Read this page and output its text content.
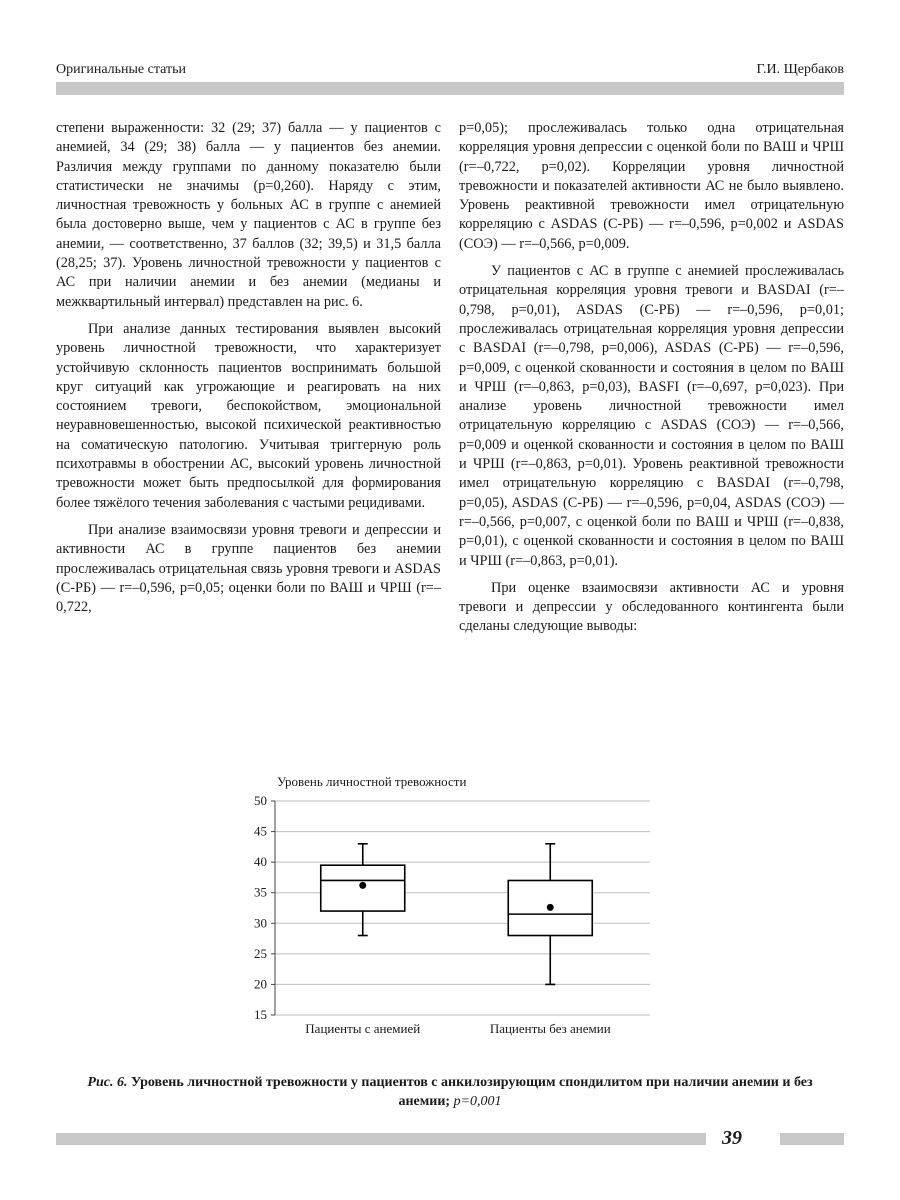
Оригинальные статьи	Г.И. Щербаков

степени выраженности: 32 (29; 37) балла — у пациентов с анемией, 34 (29; 38) балла — у пациентов без анемии. Различия между группами по данному показателю были статистически не значимы (p=0,260). Наряду с этим, личностная тревожность у больных АС в группе с анемией была достоверно выше, чем у пациентов с АС в группе без анемии, — соответственно, 37 баллов (32; 39,5) и 31,5 балла (28,25; 37). Уровень личностной тревожности у пациентов с АС при наличии анемии и без анемии (медианы и межквартильный интервал) представлен на рис. 6.

При анализе данных тестирования выявлен высокий уровень личностной тревожности, что характеризует устойчивую склонность пациентов воспринимать большой круг ситуаций как угрожающие и реагировать на них состоянием тревоги, беспокойством, эмоциональной неуравновешенностью, высокой психической реактивностью на соматическую патологию. Учитывая триггерную роль психотравмы в обострении АС, высокий уровень личностной тревожности может быть предпосылкой для формирования более тяжёлого течения заболевания с частыми рецидивами.

При анализе взаимосвязи уровня тревоги и депрессии и активности АС в группе пациентов без анемии прослеживалась отрицательная связь уровня тревоги и ASDAS (С-РБ) — r=–0,596, p=0,05; оценки боли по ВАШ и ЧРШ (r=–0,722,

p=0,05); прослеживалась только одна отрицательная корреляция уровня депрессии с оценкой боли по ВАШ и ЧРШ (r=–0,722, p=0,02). Корреляции уровня личностной тревожности и показателей активности АС не было выявлено. Уровень реактивной тревожности имел отрицательную корреляцию с ASDAS (С-РБ) — r=–0,596, p=0,002 и ASDAS (СОЭ) — r=–0,566, p=0,009.

У пациентов с АС в группе с анемией прослеживалась отрицательная корреляция уровня тревоги и BASDAI (r=–0,798, p=0,01), ASDAS (С-РБ) — r=–0,596, p=0,01; прослеживалась отрицательная корреляция уровня депрессии с BASDAI (r=–0,798, p=0,006), ASDAS (С-РБ) — r=–0,596, p=0,009, с оценкой скованности и состояния в целом по ВАШ и ЧРШ (r=–0,863, p=0,03), BASFI (r=–0,697, p=0,023). При анализе уровень личностной тревожности имел отрицательную корреляцию с ASDAS (СОЭ) — r=–0,566, p=0,009 и оценкой скованности и состояния в целом по ВАШ и ЧРШ (r=–0,863, p=0,01). Уровень реактивной тревожности имел отрицательную корреляцию с BASDAI (r=–0,798, p=0,05), ASDAS (С-РБ) — r=–0,596, p=0,04, ASDAS (СОЭ) — r=–0,566, p=0,007, с оценкой боли по ВАШ и ЧРШ (r=–0,838, p=0,01), с оценкой скованности и состояния в целом по ВАШ и ЧРШ (r=–0,863, p=0,01).

При оценке взаимосвязи активности АС и уровня тревоги и депрессии у обследованного контингента были сделаны следующие выводы:

Уровень личностной тревожности
15
20
25
30
35
40
45
50
Пациенты с анемией	Пациенты без анемии
Рис. 6. Уровень личностной тревожности у пациентов с анкилозирующим спондилитом при наличии анемии и без анемии; p=0,001
39
